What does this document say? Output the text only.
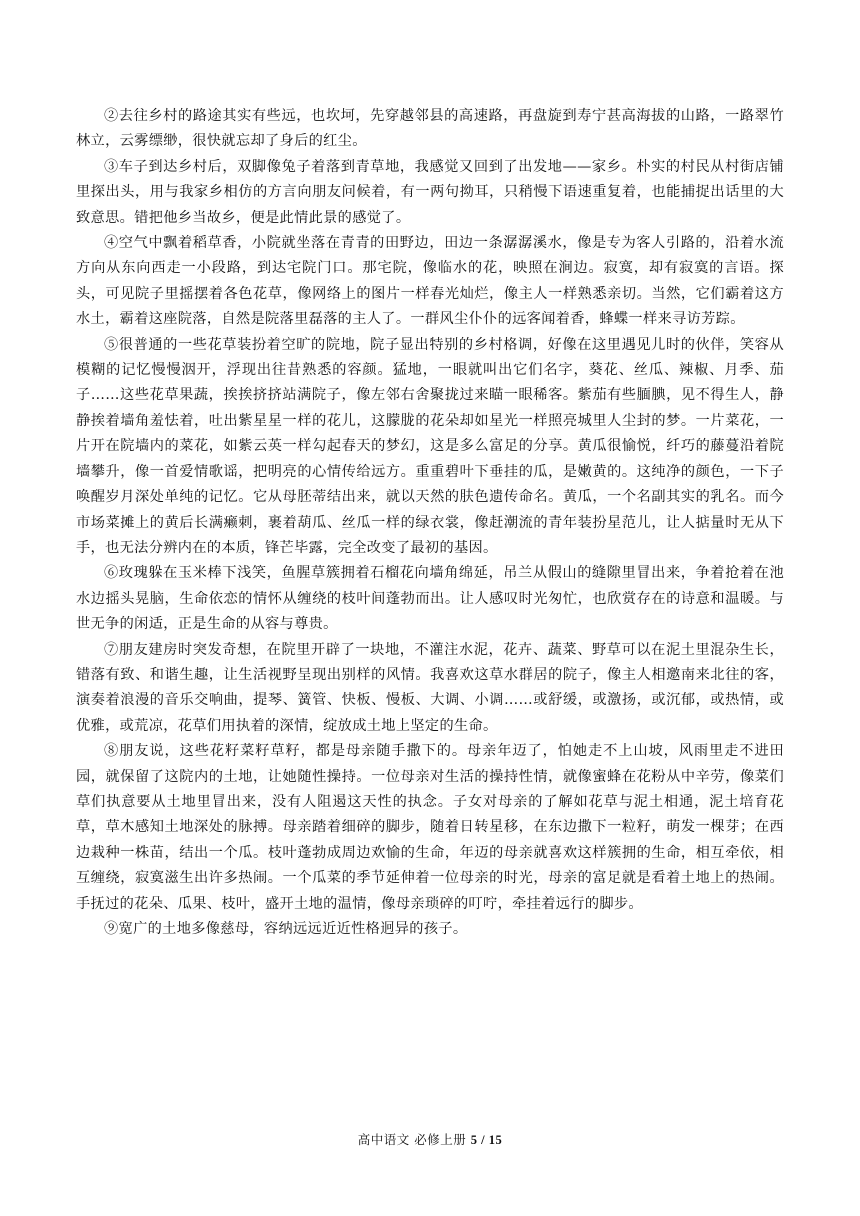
②去往乡村的路途其实有些远，也坎坷，先穿越邻县的高速路，再盘旋到寿宁甚高海拔的山路，一路翠竹林立，云雾缥缈，很快就忘却了身后的红尘。

③车子到达乡村后，双脚像兔子着落到青草地，我感觉又回到了出发地——家乡。朴实的村民从村街店铺里探出头，用与我家乡相仿的方言向朋友问候着，有一两句拗耳，只稍慢下语速重复着，也能捕捉出话里的大致意思。错把他乡当故乡，便是此情此景的感觉了。

④空气中飘着稻草香，小院就坐落在青青的田野边，田边一条潺潺溪水，像是专为客人引路的，沿着水流方向从东向西走一小段路，到达宅院门口。那宅院，像临水的花，映照在涧边。寂寞，却有寂寞的言语。探头，可见院子里摇摆着各色花草，像网络上的图片一样春光灿烂，像主人一样熟悉亲切。当然，它们霸着这方水土，霸着这座院落，自然是院落里磊落的主人了。一群风尘仆仆的远客闻着香，蜂蝶一样来寻访芳踪。

⑤很普通的一些花草装扮着空旷的院地，院子显出特别的乡村格调，好像在这里遇见儿时的伙伴，笑容从模糊的记忆慢慢洇开，浮现出往昔熟悉的容颜。猛地，一眼就叫出它们名字，葵花、丝瓜、辣椒、月季、茄子……这些花草果蔬，挨挨挤挤站满院子，像左邻右舍聚拢过来瞄一眼稀客。紫茄有些腼腆，见不得生人，静静挨着墙角羞怯着，吐出紫星星一样的花儿，这朦胧的花朵却如星光一样照亮城里人尘封的梦。一片菜花，一片开在院墙内的菜花，如紫云英一样勾起春天的梦幻，这是多么富足的分享。黄瓜很愉悦，纤巧的藤蔓沿着院墙攀升，像一首爱情歌谣，把明亮的心情传给远方。重重碧叶下垂挂的瓜，是嫩黄的。这纯净的颜色，一下子唤醒岁月深处单纯的记忆。它从母胚蒂结出来，就以天然的肤色遗传命名。黄瓜，一个名副其实的乳名。而今市场菜摊上的黄后长满癞刺，裹着葫瓜、丝瓜一样的绿衣裳，像赶潮流的青年装扮星范儿，让人掂量时无从下手，也无法分辨内在的本质，锋芒毕露，完全改变了最初的基因。

⑥玫瑰躲在玉米棒下浅笑，鱼腥草簇拥着石榴花向墙角绵延，吊兰从假山的缝隙里冒出来，争着抢着在池水边摇头晃脑，生命依恋的情怀从缠绕的枝叶间蓬勃而出。让人感叹时光匆忙，也欣赏存在的诗意和温暖。与世无争的闲适，正是生命的从容与尊贵。

⑦朋友建房时突发奇想，在院里开辟了一块地，不灌注水泥，花卉、蔬菜、野草可以在泥土里混杂生长，错落有致、和谐生趣，让生活视野呈现出别样的风情。我喜欢这草水群居的院子，像主人相邀南来北往的客，演奏着浪漫的音乐交响曲，提琴、簧管、快板、慢板、大调、小调……或舒缓，或激扬，或沉郁，或热情，或优雅，或荒凉，花草们用执着的深情，绽放成土地上坚定的生命。

⑧朋友说，这些花籽菜籽草籽，都是母亲随手撒下的。母亲年迈了，怕她走不上山坡，风雨里走不进田园，就保留了这院内的土地，让她随性操持。一位母亲对生活的操持性情，就像蜜蜂在花粉从中辛劳，像菜们草们执意要从土地里冒出来，没有人阻遏这天性的执念。子女对母亲的了解如花草与泥土相通，泥土培育花草，草木感知土地深处的脉搏。母亲踏着细碎的脚步，随着日转星移，在东边撒下一粒籽，萌发一棵芽；在西边栽种一株苗，结出一个瓜。枝叶蓬勃成周边欢愉的生命，年迈的母亲就喜欢这样簇拥的生命，相互牵依，相互缠绕，寂寞滋生出许多热闹。一个瓜菜的季节延伸着一位母亲的时光，母亲的富足就是看着土地上的热闹。手抚过的花朵、瓜果、枝叶，盛开土地的温情，像母亲琐碎的叮咛，牵挂着远行的脚步。

⑨宽广的土地多像慈母，容纳远远近近性格迥异的孩子。

高中语文 必修上册 5 / 15
